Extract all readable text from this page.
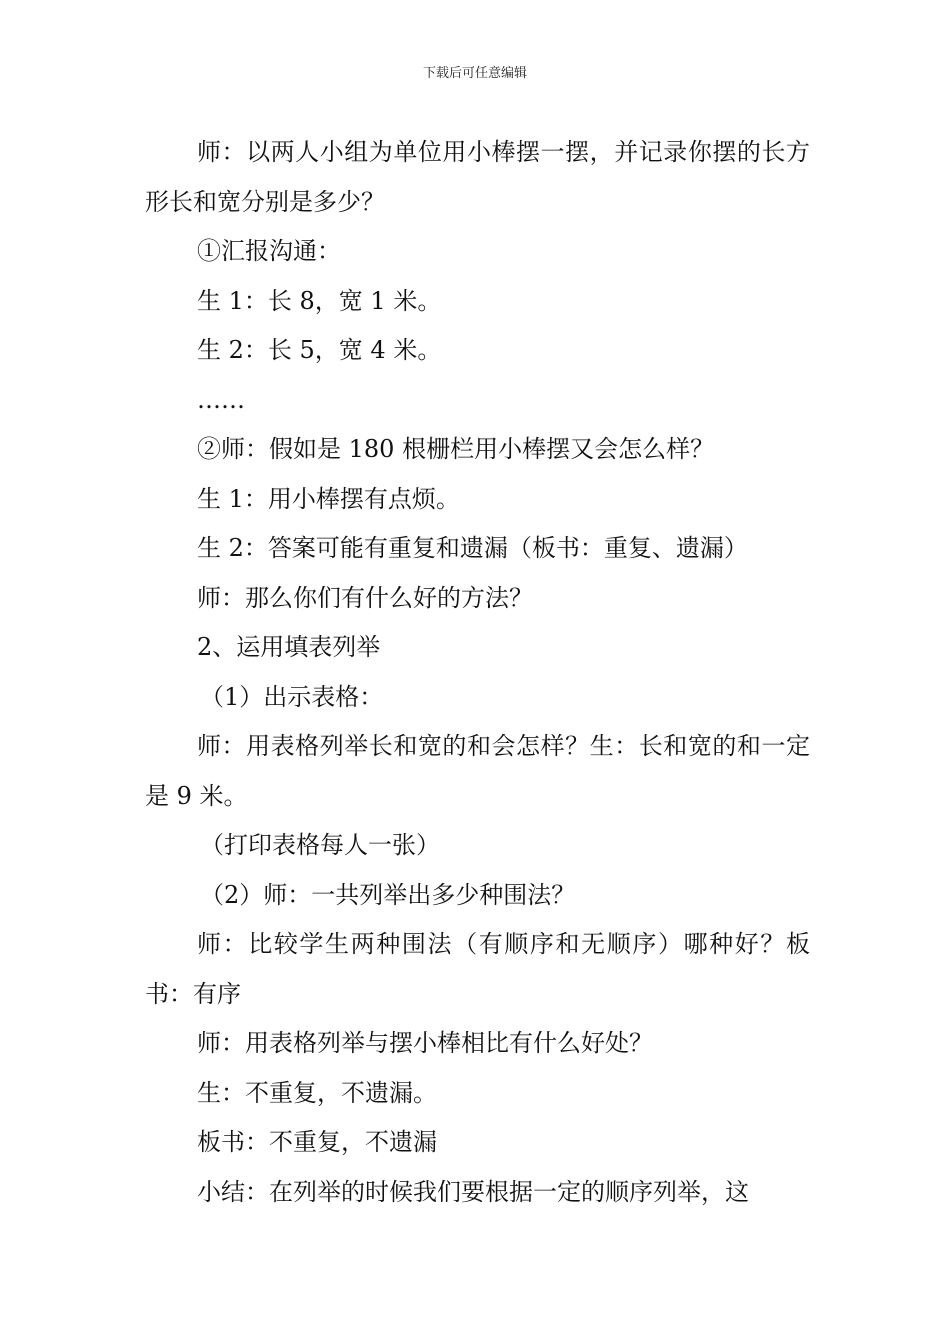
下载后可任意编辑

师：以两人小组为单位用小棒摆一摆，并记录你摆的长方形长和宽分别是多少？

①汇报沟通：

生 1：长 8，宽 1 米。

生 2：长 5，宽 4 米。

……

②师：假如是 180 根栅栏用小棒摆又会怎么样？

生 1：用小棒摆有点烦。

生 2：答案可能有重复和遗漏（板书：重复、遗漏）

师：那么你们有什么好的方法？

2、运用填表列举

（1）出示表格：

师：用表格列举长和宽的和会怎样？生：长和宽的和一定是 9 米。

（打印表格每人一张）

（2）师：一共列举出多少种围法？

师：比较学生两种围法（有顺序和无顺序）哪种好？板书：有序

师：用表格列举与摆小棒相比有什么好处？

生：不重复，不遗漏。

板书：不重复，不遗漏

小结：在列举的时候我们要根据一定的顺序列举，这
